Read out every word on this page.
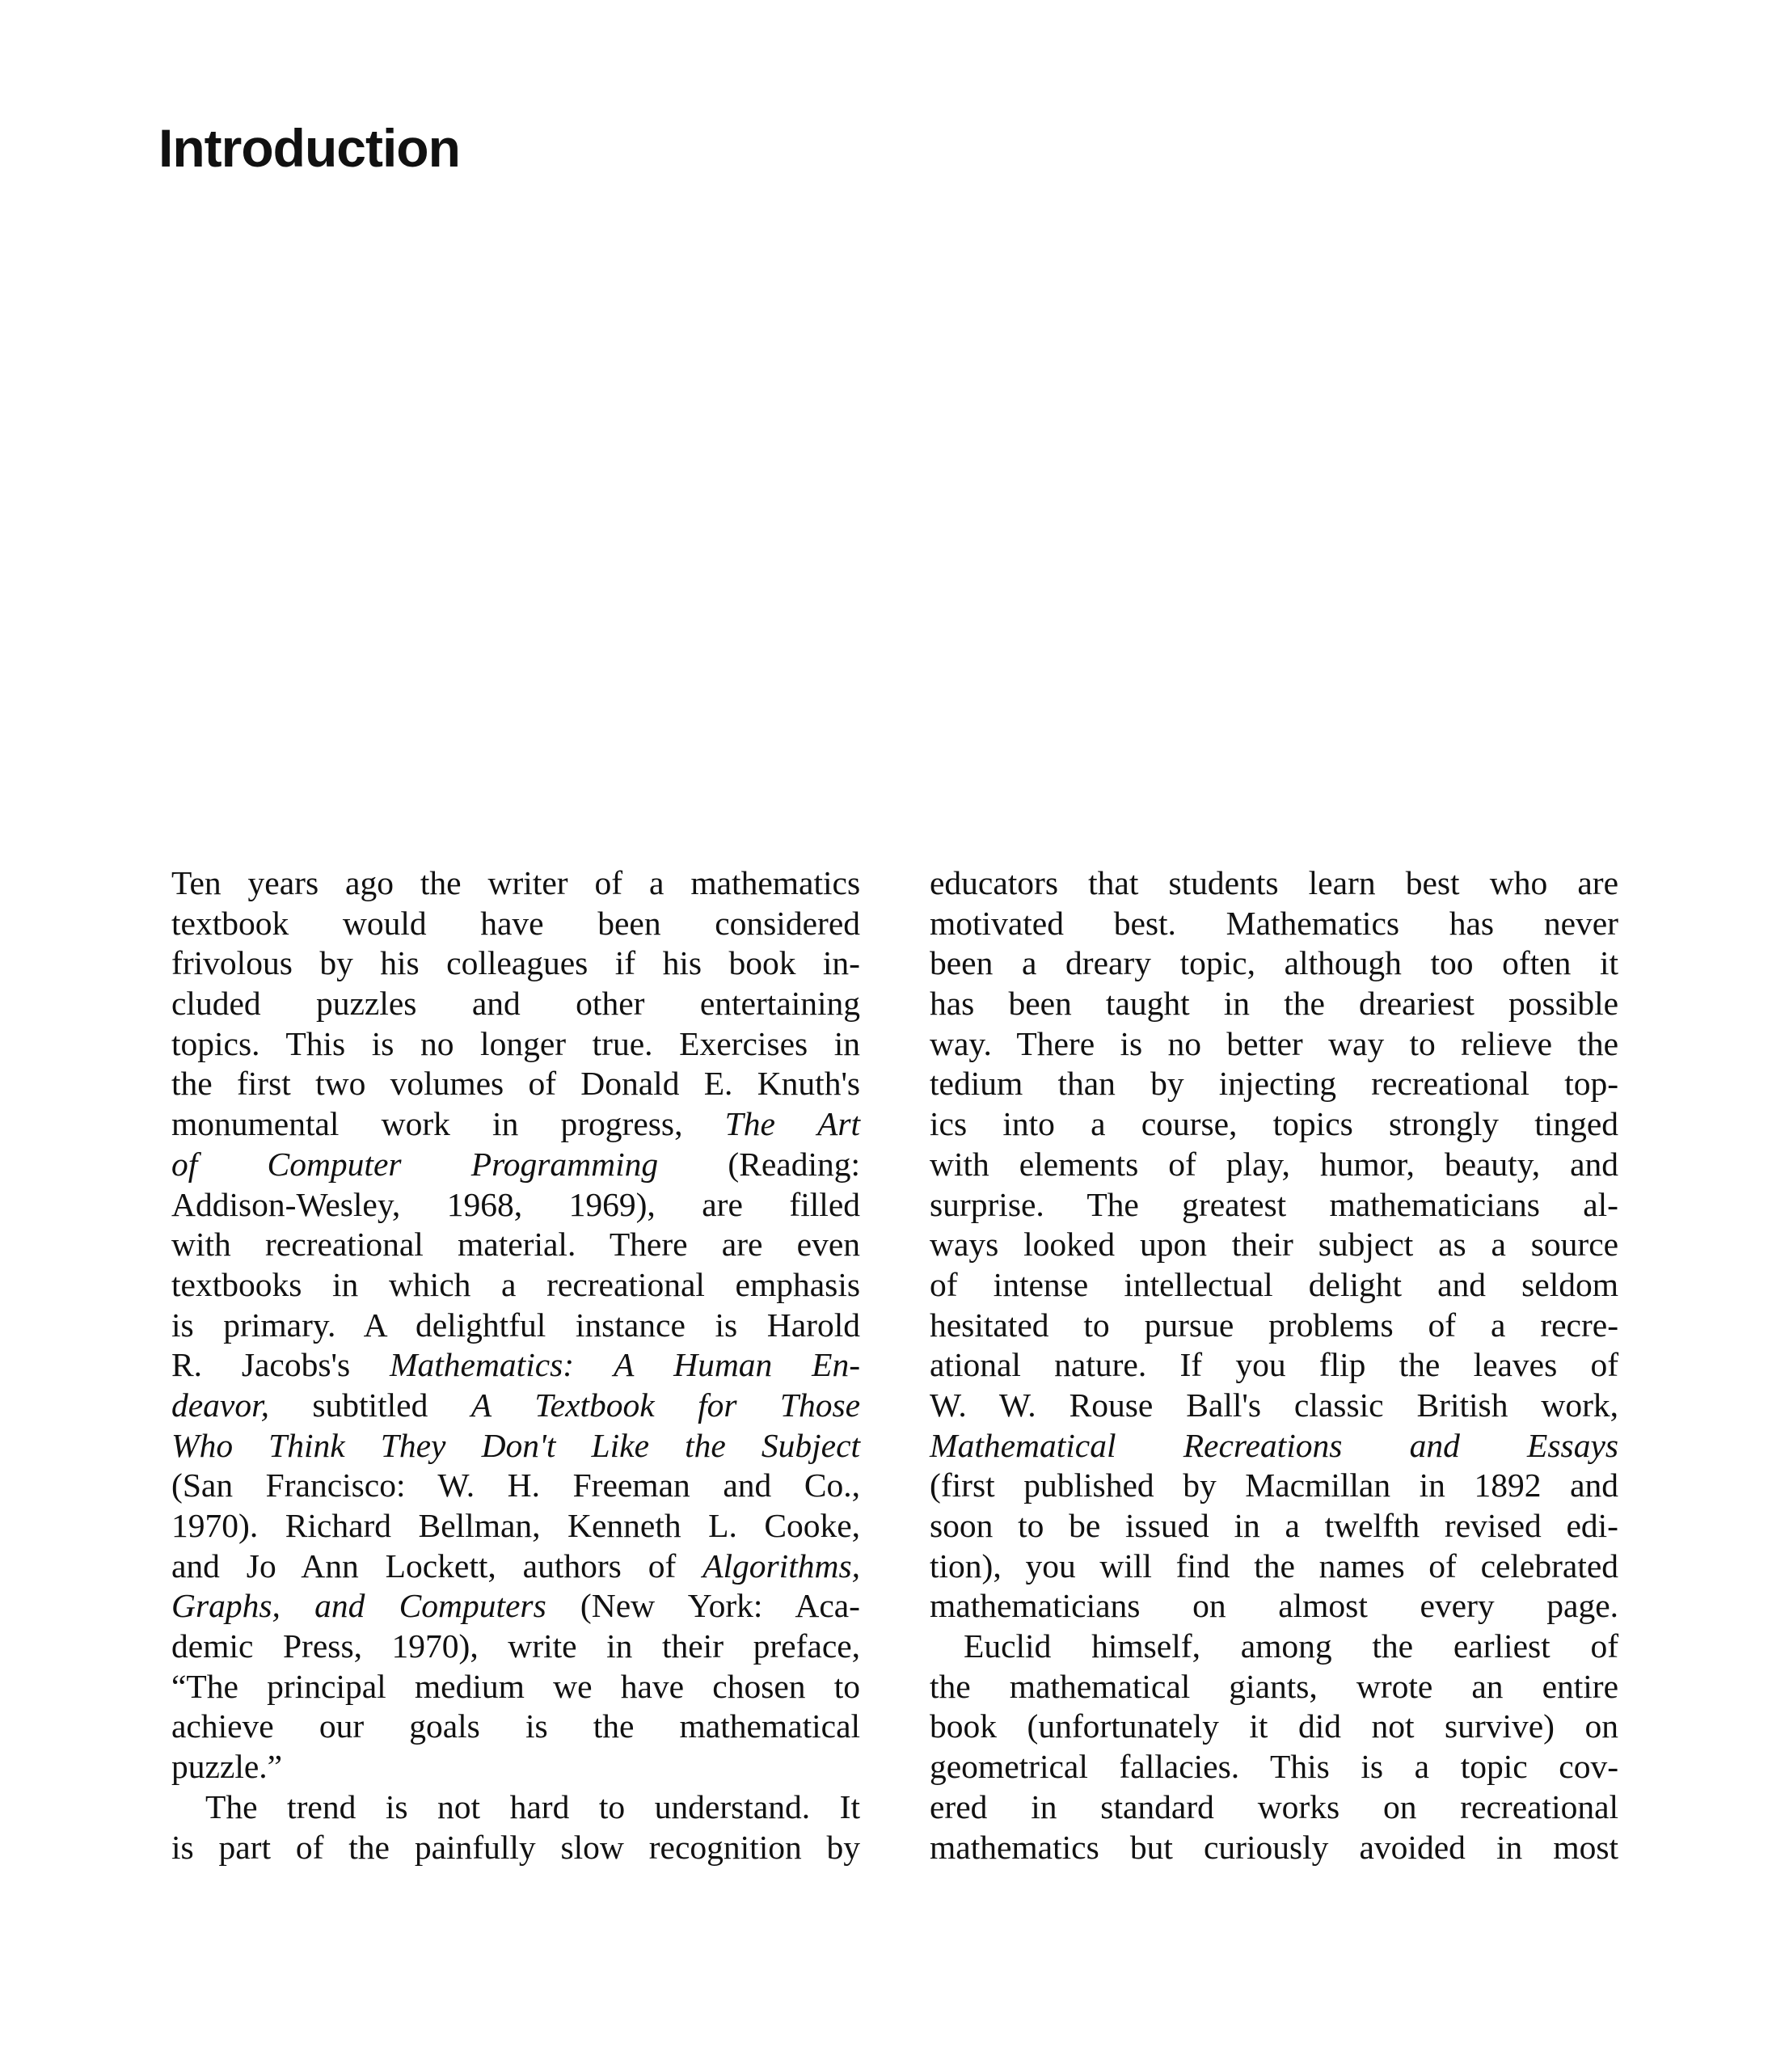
Introduction
Ten years ago the writer of a mathematics
textbook would have been considered
frivolous by his colleagues if his book in-
cluded puzzles and other entertaining
topics. This is no longer true. Exercises in
the first two volumes of Donald E. Knuth's
monumental work in progress, The Art
of Computer Programming (Reading:
Addison-Wesley, 1968, 1969), are filled
with recreational material. There are even
textbooks in which a recreational emphasis
is primary. A delightful instance is Harold
R. Jacobs's Mathematics: A Human En-
deavor, subtitled A Textbook for Those
Who Think They Don't Like the Subject
(San Francisco: W. H. Freeman and Co.,
1970). Richard Bellman, Kenneth L. Cooke,
and Jo Ann Lockett, authors of Algorithms,
Graphs, and Computers (New York: Aca-
demic Press, 1970), write in their preface,
“The principal medium we have chosen to
achieve our goals is the mathematical
puzzle.”
The trend is not hard to understand. It
is part of the painfully slow recognition by
educators that students learn best who are
motivated best. Mathematics has never
been a dreary topic, although too often it
has been taught in the dreariest possible
way. There is no better way to relieve the
tedium than by injecting recreational top-
ics into a course, topics strongly tinged
with elements of play, humor, beauty, and
surprise. The greatest mathematicians al-
ways looked upon their subject as a source
of intense intellectual delight and seldom
hesitated to pursue problems of a recre-
ational nature. If you flip the leaves of
W. W. Rouse Ball's classic British work,
Mathematical Recreations and Essays
(first published by Macmillan in 1892 and
soon to be issued in a twelfth revised edi-
tion), you will find the names of celebrated
mathematicians on almost every page.
Euclid himself, among the earliest of
the mathematical giants, wrote an entire
book (unfortunately it did not survive) on
geometrical fallacies. This is a topic cov-
ered in standard works on recreational
mathematics but curiously avoided in most
